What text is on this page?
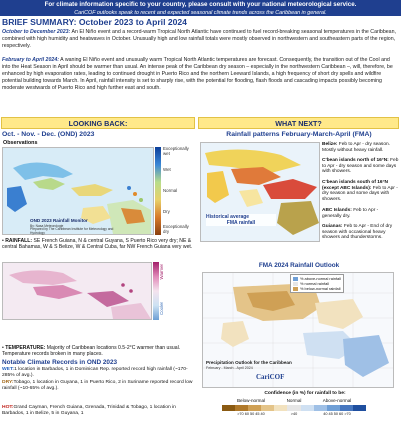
For climate information specific to your country, please consult with your national meteorological service.
CariCOF outlooks speak to recent and expected seasonal climate trends across the Caribbean in general.
BRIEF SUMMARY: October 2023 to April 2024
October to December 2023: An El Niño event and a record-warm Tropical North Atlantic have continued to fuel record-breaking seasonal temperatures in the Caribbean, combined with high humidity and heatwaves in October. Unusually high and low rainfall totals were mostly observed in northwestern and southeastern parts of the region, respectively.
February to April 2024: A waning El Niño event and unusually warm Tropical North Atlantic temperatures are forecast. Consequently, the transition out of the Cool and into the Heat Season in April should be warmer than usual. An intense peak of the Caribbean dry season – especially in the northwestern Caribbean –, will, therefore, be enhanced by high evaporation rates, leading to continued drought in Puerto Rico and the northern Leeward Islands, a high frequency of short dry spells and wildfire potential building towards March. In April, rainfall intensity is set to sharply rise, with the potential for flooding, flash floods and cascading impacts possibly becoming moderate westwards of Puerto Rico and high further east and south.
LOOKING BACK:
Oct. - Nov. - Dec. (OND) 2023
Observations
OND 2023 Rainfall Monitor
By: Nasa Meteorologie
Prepared by The Caribbean Institute for Meteorology and Hydrology
Exceptionally wet
Wet
Normal
Dry
Exceptionally dry
• RAINFALL: SE French Guiana, N & central Guyana, S Puerto Rico very dry; NE & central Bahamas, W & S Belize, W & Central Cuba, far NW French Guiana very wet.
Warmer
Cooler
• TEMPERATURE: Majority of Caribbean locations 0.5-2°C warmer than usual. Temperature records broken in many places.
Notable Climate Records in OND 2023
WET:1 location in Barbados, 1 in Dominican Rep. reported record high rainfall (~170-285% of avg.).
DRY:Tobago, 1 location in Guyana, 1 in Puerto Rico, 2 in Suriname reported record low rainfall (~10-65% of avg.).
HOT:Grand Cayman, French Guiana, Grenada, Trinidad & Tobago, 1 location in Barbados, 1 in Belize, 5 in Guyana, 1
WHAT NEXT?
Rainfall patterns February-March-April (FMA)
Historical average
FMA rainfall
Belize: Feb to Apr - dry season. Mostly without heavy rainfall.
C'bean islands north of 16°N: Feb to Apr - dry season and some days with showers.
C'bean islands south of 16°N (except ABC Islands): Feb to Apr - dry season and some days with showers.
ABC Islands: Feb to Apr - generally dry.
Guianas: Feb to Apr - End of dry season with occasional heavy showers and thunderstorms.
FMA 2024 Rainfall Outlook
% above-normal rainfall
% normal rainfall
% below-normal rainfall
Precipitation Outlook for the Caribbean
February - March - April 2024
CariCOF
Confidence (in %) for rainfall to be:
Below-normal	Normal	Above-normal
>70 60 50 45 40	>40	40 45 50 60 >70
